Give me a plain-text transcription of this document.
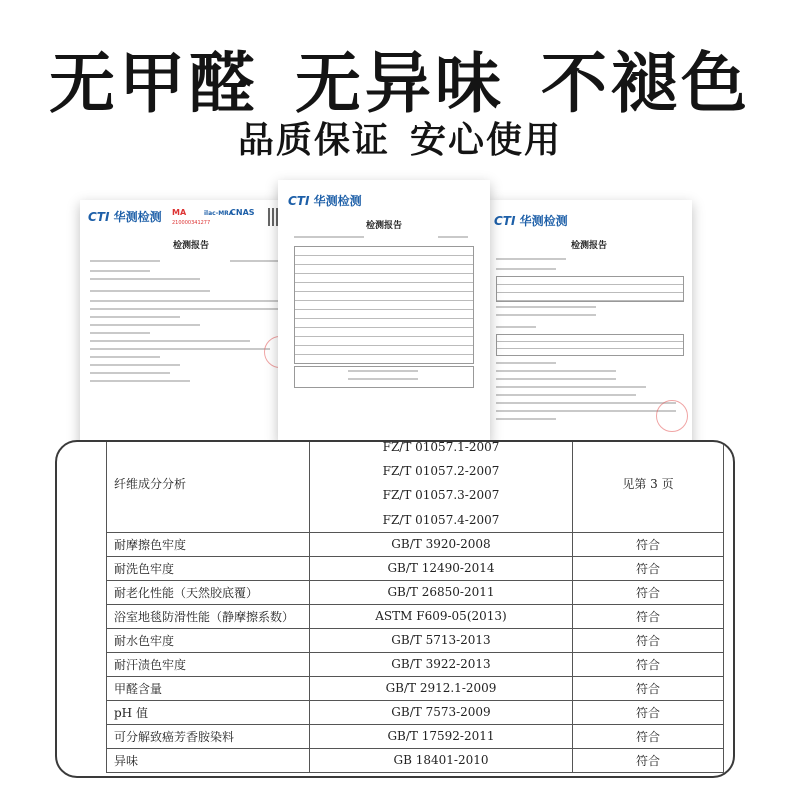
无甲醛 无异味 不褪色
品质保证 安心使用
CTI 华测检测 MA
210000341277
ilac-MRA
CNAS
检测报告
CTI 华测检测
检测报告	CTI 华测检测
检测报告
纤维成分分析	FZ/T 01057.1-2007
FZ/T 01057.2-2007
FZ/T 01057.3-2007
FZ/T 01057.4-2007	见第 3 页
耐摩擦色牢度	GB/T 3920-2008	符合
耐洗色牢度	GB/T 12490-2014	符合
耐老化性能（天然胶底覆）	GB/T 26850-2011	符合
浴室地毯防滑性能（静摩擦系数）	ASTM F609-05(2013)	符合
耐水色牢度	GB/T 5713-2013	符合
耐汗渍色牢度	GB/T 3922-2013	符合
甲醛含量	GB/T 2912.1-2009	符合
pH 值	GB/T 7573-2009	符合
可分解致癌芳香胺染料	GB/T 17592-2011	符合
异味	GB 18401-2010	符合
